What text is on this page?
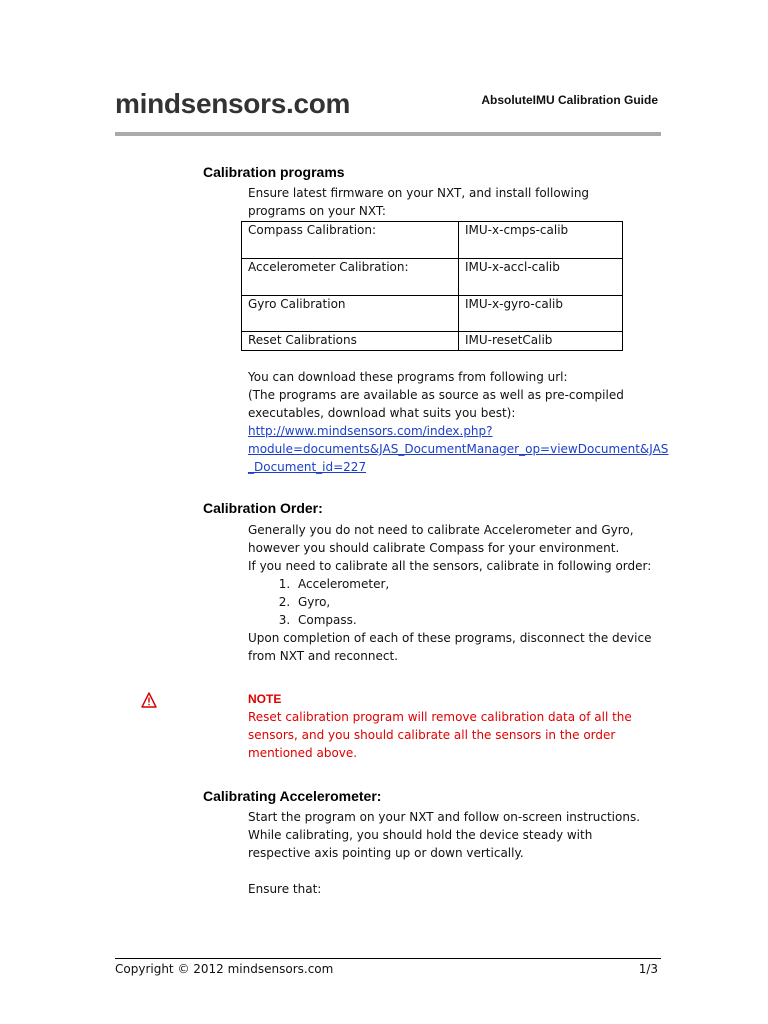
mindsensors.com	AbsoluteIMU Calibration Guide
Calibration programs
Ensure latest firmware on your NXT, and install following programs on your NXT:
Compass Calibration:	IMU-x-cmps-calib
Accelerometer Calibration:	IMU-x-accl-calib
Gyro Calibration	IMU-x-gyro-calib
Reset Calibrations	IMU-resetCalib

You can download these programs from following url:

(The programs are available as source as well as pre-compiled executables, download what suits you best):

http://www.mindsensors.com/index.php?

module=documents&JAS_DocumentManager_op=viewDocument&JAS

_Document_id=227

Calibration Order:

Generally you do not need to calibrate Accelerometer and Gyro, however you should calibrate Compass for your environment.

If you need to calibrate all the sensors, calibrate in following order:

1. Accelerometer,
2. Gyro,
3. Compass.

Upon completion of each of these programs, disconnect the device from NXT and reconnect.

NOTE

Reset calibration program will remove calibration data of all the sensors, and you should calibrate all the sensors in the order mentioned above.

Calibrating Accelerometer:

Start the program on your NXT and follow on-screen instructions.

While calibrating, you should hold the device steady with respective axis pointing up or down vertically.

Ensure that:

Copyright © 2012 mindsensors.com	1/3
